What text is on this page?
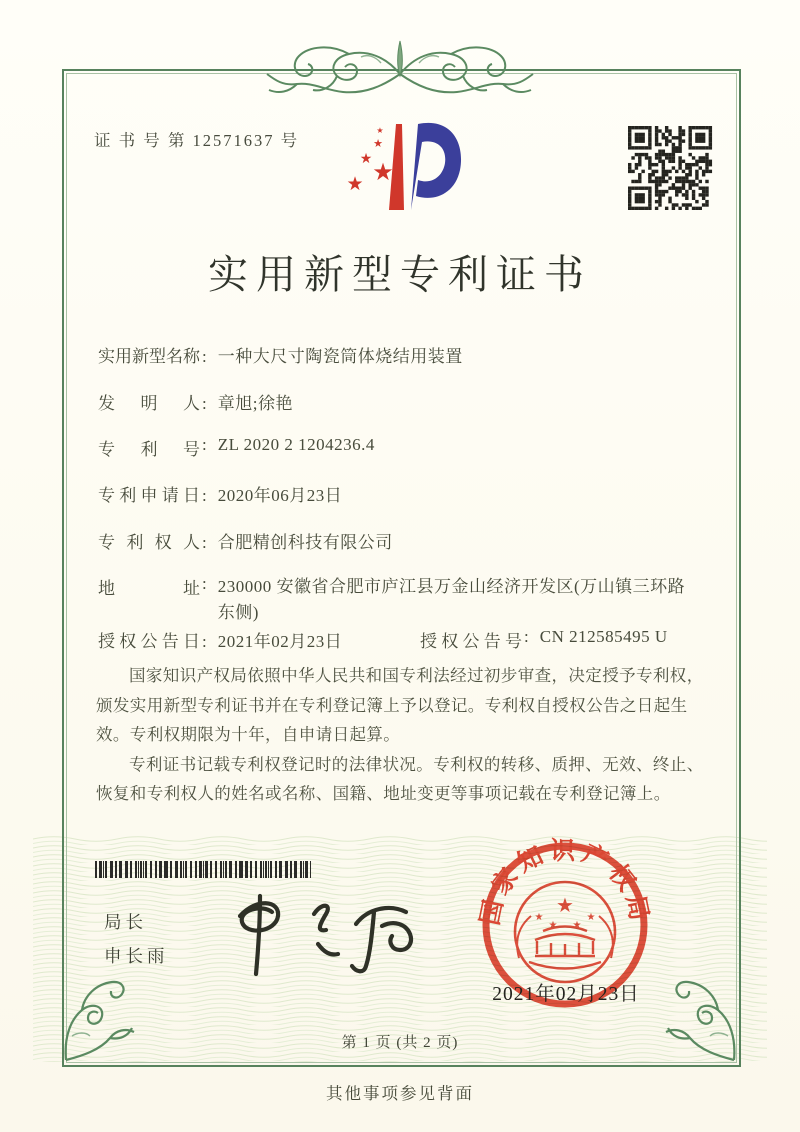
证 书 号 第 12571637 号
★
★
★
★
★
实用新型专利证书
实用新型名称 : 一种大尺寸陶瓷筒体烧结用装置
发明人 : 章旭;徐艳
专利号 : ZL 2020 2 1204236.4
专利申请日 : 2020年06月23日
专利权人 : 合肥精创科技有限公司
地址 : 230000 安徽省合肥市庐江县万金山经济开发区(万山镇三环路东侧)
授权公告日 : 2021年02月23日	授权公告号 : CN 212585495 U

国家知识产权局依照中华人民共和国专利法经过初步审查，决定授予专利权，颁发实用新型专利证书并在专利登记簿上予以登记。专利权自授权公告之日起生效。专利权期限为十年，自申请日起算。

专利证书记载专利权登记时的法律状况。专利权的转移、质押、无效、终止、恢复和专利权人的姓名或名称、国籍、地址变更等事项记载在专利登记簿上。

局长
申长雨
国家知识产权局
★
★
★ ★
★
2021年02月23日
第 1 页 (共 2 页)
其他事项参见背面
